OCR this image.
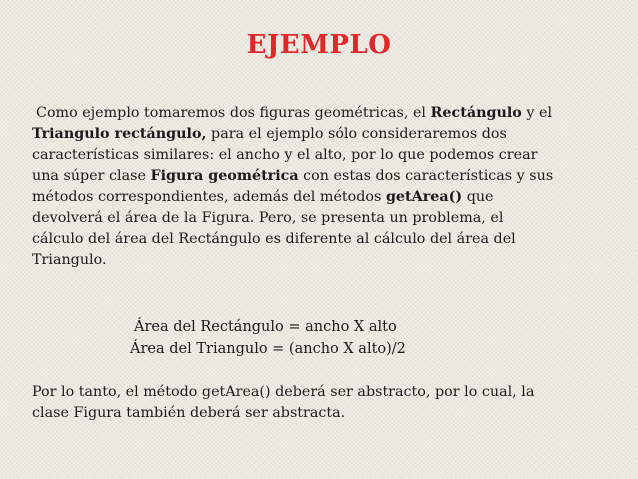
EJEMPLO
Como ejemplo tomaremos dos figuras geométricas, el Rectángulo y el
Triangulo rectángulo, para el ejemplo sólo consideraremos dos
características similares: el ancho y el alto, por lo que podemos crear
una súper clase Figura geométrica con estas dos características y sus
métodos correspondientes, además del métodos getArea() que
devolverá el área de la Figura. Pero, se presenta un problema, el
cálculo del área del Rectángulo es diferente al cálculo del área del
Triangulo.
Área del Rectángulo = ancho X alto
Área del Triangulo = (ancho X alto)/2
Por lo tanto, el método getArea() deberá ser abstracto, por lo cual, la
clase Figura también deberá ser abstracta.
